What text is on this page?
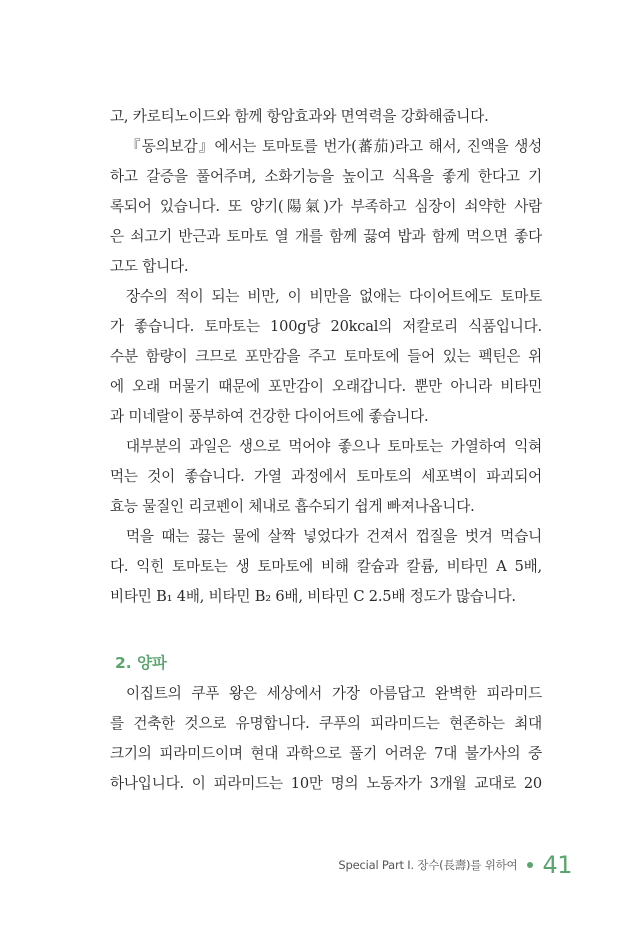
고, 카로티노이드와 함께 항암효과와 면역력을 강화해줍니다.
『동의보감』에서는 토마토를 번가(蕃茄)라고 해서, 진액을 생성
하고 갈증을 풀어주며, 소화기능을 높이고 식욕을 좋게 한다고 기
록되어 있습니다. 또 양기(陽氣)가 부족하고 심장이 쇠약한 사람
은 쇠고기 반근과 토마토 열 개를 함께 끓여 밥과 함께 먹으면 좋다
고도 합니다.
장수의 적이 되는 비만, 이 비만을 없애는 다이어트에도 토마토
가 좋습니다. 토마토는 100g당 20kcal의 저칼로리 식품입니다.
수분 함량이 크므로 포만감을 주고 토마토에 들어 있는 펙틴은 위
에 오래 머물기 때문에 포만감이 오래갑니다. 뿐만 아니라 비타민
과 미네랄이 풍부하여 건강한 다이어트에 좋습니다.
대부분의 과일은 생으로 먹어야 좋으나 토마토는 가열하여 익혀
먹는 것이 좋습니다. 가열 과정에서 토마토의 세포벽이 파괴되어
효능 물질인 리코펜이 체내로 흡수되기 쉽게 빠져나옵니다.
먹을 때는 끓는 물에 살짝 넣었다가 건져서 껍질을 벗겨 먹습니
다. 익힌 토마토는 생 토마토에 비해 칼슘과 칼륨, 비타민 A 5배,
비타민 B₁ 4배, 비타민 B₂ 6배, 비타민 C 2.5배 정도가 많습니다.
2. 양파
이집트의 쿠푸 왕은 세상에서 가장 아름답고 완벽한 피라미드
를 건축한 것으로 유명합니다. 쿠푸의 피라미드는 현존하는 최대
크기의 피라미드이며 현대 과학으로 풀기 어려운 7대 불가사의 중
하나입니다. 이 피라미드는 10만 명의 노동자가 3개월 교대로 20
Special Part Ⅰ. 장수(長壽)를 위하여 41
